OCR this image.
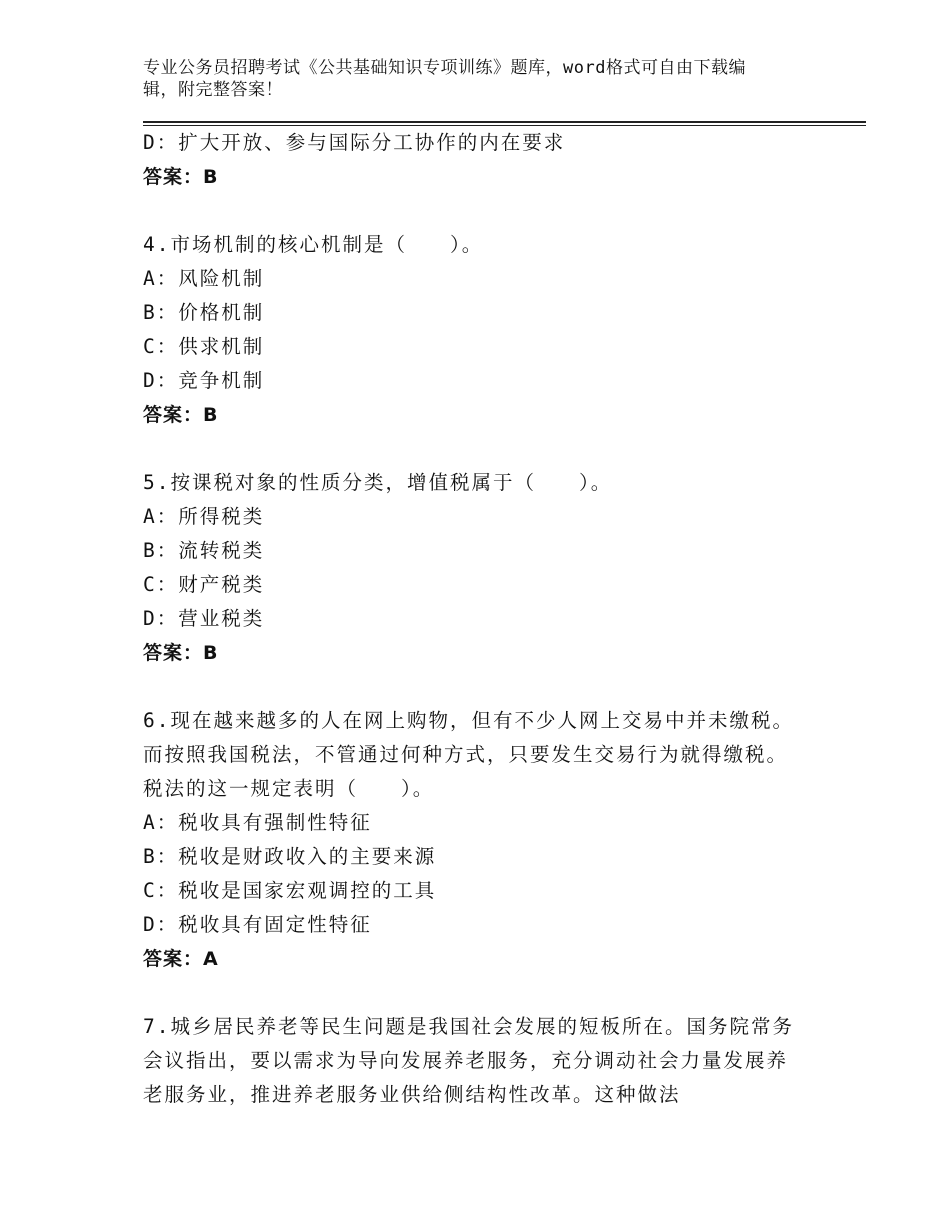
专业公务员招聘考试《公共基础知识专项训练》题库，word格式可自由下载编
辑，附完整答案！
D：扩大开放、参与国际分工协作的内在要求
答案：B
4.市场机制的核心机制是（　　）。
A：风险机制
B：价格机制
C：供求机制
D：竞争机制
答案：B
5.按课税对象的性质分类，增值税属于（　　）。
A：所得税类
B：流转税类
C：财产税类
D：营业税类
答案：B
6.现在越来越多的人在网上购物，但有不少人网上交易中并未缴税。
而按照我国税法，不管通过何种方式，只要发生交易行为就得缴税。
税法的这一规定表明（　　）。
A：税收具有强制性特征
B：税收是财政收入的主要来源
C：税收是国家宏观调控的工具
D：税收具有固定性特征
答案：A
7.城乡居民养老等民生问题是我国社会发展的短板所在。国务院常务
会议指出，要以需求为导向发展养老服务，充分调动社会力量发展养
老服务业，推进养老服务业供给侧结构性改革。这种做法
